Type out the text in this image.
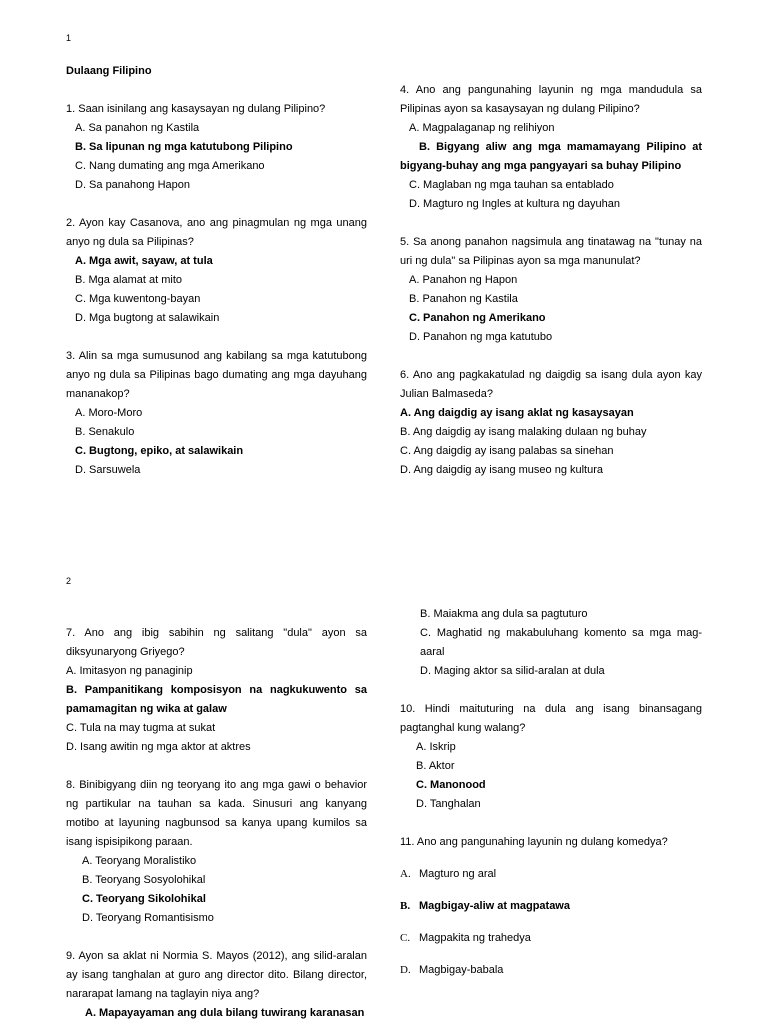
1
Dulaang Filipino
1. Saan isinilang ang kasaysayan ng dulang Pilipino?
A. Sa panahon ng Kastila
B. Sa lipunan ng mga katutubong Pilipino
C. Nang dumating ang mga Amerikano
D. Sa panahong Hapon
2. Ayon kay Casanova, ano ang pinagmulan ng mga unang anyo ng dula sa Pilipinas?
A. Mga awit, sayaw, at tula
B. Mga alamat at mito
C. Mga kuwentong-bayan
D. Mga bugtong at salawikain
3. Alin sa mga sumusunod ang kabilang sa mga katutubong anyo ng dula sa Pilipinas bago dumating ang mga dayuhang mananakop?
A. Moro-Moro
B. Senakulo
C. Bugtong, epiko, at salawikain
D. Sarsuwela
4. Ano ang pangunahing layunin ng mga mandudula sa Pilipinas ayon sa kasaysayan ng dulang Pilipino?
A. Magpalaganap ng relihiyon
B. Bigyang aliw ang mga mamamayang Pilipino at bigyang-buhay ang mga pangyayari sa buhay Pilipino
C. Maglaban ng mga tauhan sa entablado
D. Magturo ng Ingles at kultura ng dayuhan
5. Sa anong panahon nagsimula ang tinatawag na "tunay na uri ng dula" sa Pilipinas ayon sa mga manunulat?
A. Panahon ng Hapon
B. Panahon ng Kastila
C. Panahon ng Amerikano
D. Panahon ng mga katutubo
6. Ano ang pagkakatulad ng daigdig sa isang dula ayon kay Julian Balmaseda?
A. Ang daigdig ay isang aklat ng kasaysayan
B. Ang daigdig ay isang malaking dulaan ng buhay
C. Ang daigdig ay isang palabas sa sinehan
D. Ang daigdig ay isang museo ng kultura
2
7. Ano ang ibig sabihin ng salitang "dula" ayon sa diksyunaryong Griyego?
A. Imitasyon ng panaginip
B. Pampanitikang komposisyon na nagkukuwento sa pamamagitan ng wika at galaw
C. Tula na may tugma at sukat
D. Isang awitin ng mga aktor at aktres
8. Binibigyang diin ng teoryang ito ang mga gawi o behavior ng partikular na tauhan sa kada. Sinusuri ang kanyang motibo at layuning nagbunsod sa kanya upang kumilos sa isang ispisipikong paraan.
A. Teoryang Moralistiko
B. Teoryang Sosyolohikal
C. Teoryang Sikolohikal
D. Teoryang Romantisismo
9. Ayon sa aklat ni Normia S. Mayos (2012), ang silid-aralan ay isang tanghalan at guro ang director dito. Bilang director, nararapat lamang na taglayin niya ang?
A. Mapayayaman ang dula bilang tuwirang karanasan
B. Maiakma ang dula sa pagtuturo
C. Maghatid ng makabuluhang komento sa mga mag-aaral
D. Maging aktor sa silid-aralan at dula
10. Hindi maituturing na dula ang isang binansagang pagtanghal kung walang?
A. Iskrip
B. Aktor
C. Manonood
D. Tanghalan
11. Ano ang pangunahing layunin ng dulang komedya?
A. Magturo ng aral
B. Magbigay-aliw at magpatawa
C. Magpakita ng trahedya
D. Magbigay-babala
